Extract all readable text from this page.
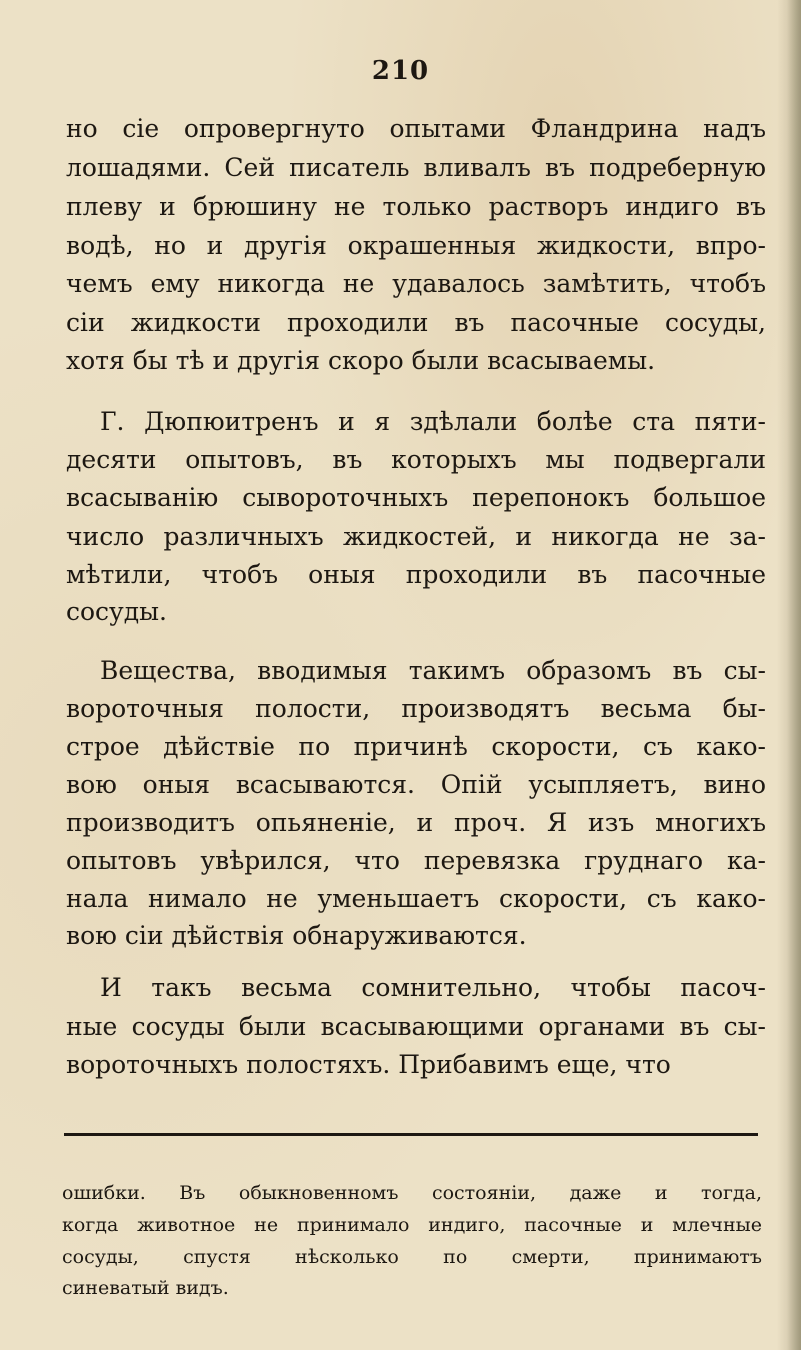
210
но сіе опровергнуто опытами Фландрина надъ
лошадями. Сей писатель вливалъ въ подреберную
плеву и брюшину не только растворъ индиго въ
водѣ, но и другія окрашенныя жидкости, впро-
чемъ ему никогда не удавалось замѣтить, чтобъ
сіи жидкости проходили въ пасочные сосуды,
хотя бы тѣ и другія скоро были всасываемы.
Г. Дюпюитренъ и я здѣлали болѣе ста пяти-
десяти опытовъ, въ которыхъ мы подвергали
всасыванію сывороточныхъ перепонокъ большое
число различныхъ жидкостей, и никогда не за-
мѣтили, чтобъ оныя проходили въ пасочные
сосуды.
Вещества, вводимыя такимъ образомъ въ сы-
вороточныя полости, производятъ весьма бы-
строе дѣйствіе по причинѣ скорости, съ како-
вою оныя всасываются. Опій усыпляетъ, вино
производитъ опьяненіе, и проч. Я изъ многихъ
опытовъ увѣрился, что перевязка груднаго ка-
нала нимало не уменьшаетъ скорости, съ како-
вою сіи дѣйствія обнаруживаются.
И такъ весьма сомнительно, чтобы пасоч-
ные сосуды были всасывающими органами въ сы-
вороточныхъ полостяхъ. Прибавимъ еще, что
ошибки. Въ обыкновенномъ состояніи, даже и тогда,
когда животное не принимало индиго, пасочные и млечные
сосуды, спустя нѣсколько по смерти, принимаютъ
синеватый видъ.
